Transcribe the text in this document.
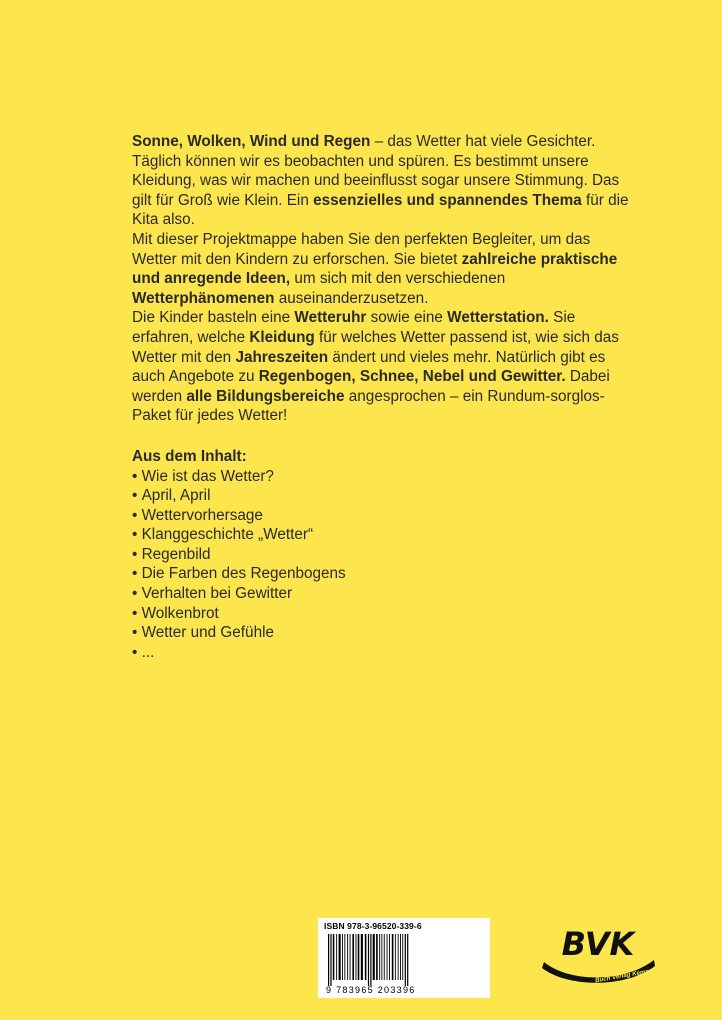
Sonne, Wolken, Wind und Regen – das Wetter hat viele Gesichter. Täglich können wir es beobachten und spüren. Es bestimmt unsere Kleidung, was wir machen und beeinflusst sogar unsere Stimmung. Das gilt für Groß wie Klein. Ein essenzielles und spannendes Thema für die Kita also.

Mit dieser Projektmappe haben Sie den perfekten Begleiter, um das Wetter mit den Kindern zu erforschen. Sie bietet zahlreiche praktische und anregende Ideen, um sich mit den verschiedenen Wetterphänomenen auseinanderzusetzen.

Die Kinder basteln eine Wetteruhr sowie eine Wetterstation. Sie erfahren, welche Kleidung für welches Wetter passend ist, wie sich das Wetter mit den Jahreszeiten ändert und vieles mehr. Natürlich gibt es auch Angebote zu Regenbogen, Schnee, Nebel und Gewitter. Dabei werden alle Bildungsbereiche angesprochen – ein Rundum-sorglos-Paket für jedes Wetter!

Aus dem Inhalt:
• Wie ist das Wetter?
• April, April
• Wettervorhersage
• Klanggeschichte „Wetter“
• Regenbild
• Die Farben des Regenbogens
• Verhalten bei Gewitter
• Wolkenbrot
• Wetter und Gefühle
• ...
ISBN 978-3-96520-339-6
9 783965 203396
BVK
Buch Verlag Kempen
